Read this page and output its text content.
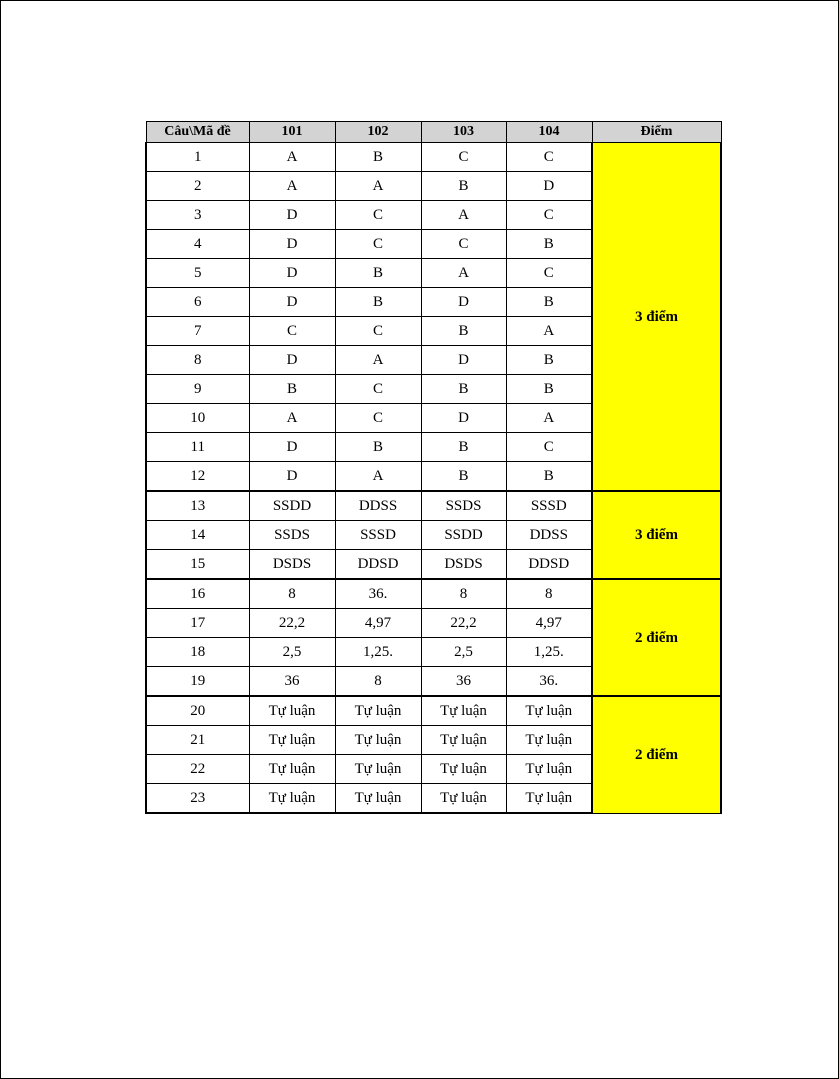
Câu\Mã đề	101	102	103	104	Điểm
1	A	B	C	C	3 điểm
2	A	A	B	D	
3	D	C	A	C	
4	D	C	C	B	
5	D	B	A	C	
6	D	B	D	B	
7	C	C	B	A	
8	D	A	D	B	
9	B	C	B	B	
10	A	C	D	A	
11	D	B	B	C	
12	D	A	B	B	
13	SSDD	DDSS	SSDS	SSSD	3 điểm
14	SSDS	SSSD	SSDD	DDSS	
15	DSDS	DDSD	DSDS	DDSD	
16	8	36.	8	8	2 điểm
17	22,2	4,97	22,2	4,97	
18	2,5	1,25.	2,5	1,25.	
19	36	8	36	36.	
20	Tự luận	Tự luận	Tự luận	Tự luận	2 điểm
21	Tự luận	Tự luận	Tự luận	Tự luận	
22	Tự luận	Tự luận	Tự luận	Tự luận	
23	Tự luận	Tự luận	Tự luận	Tự luận	
